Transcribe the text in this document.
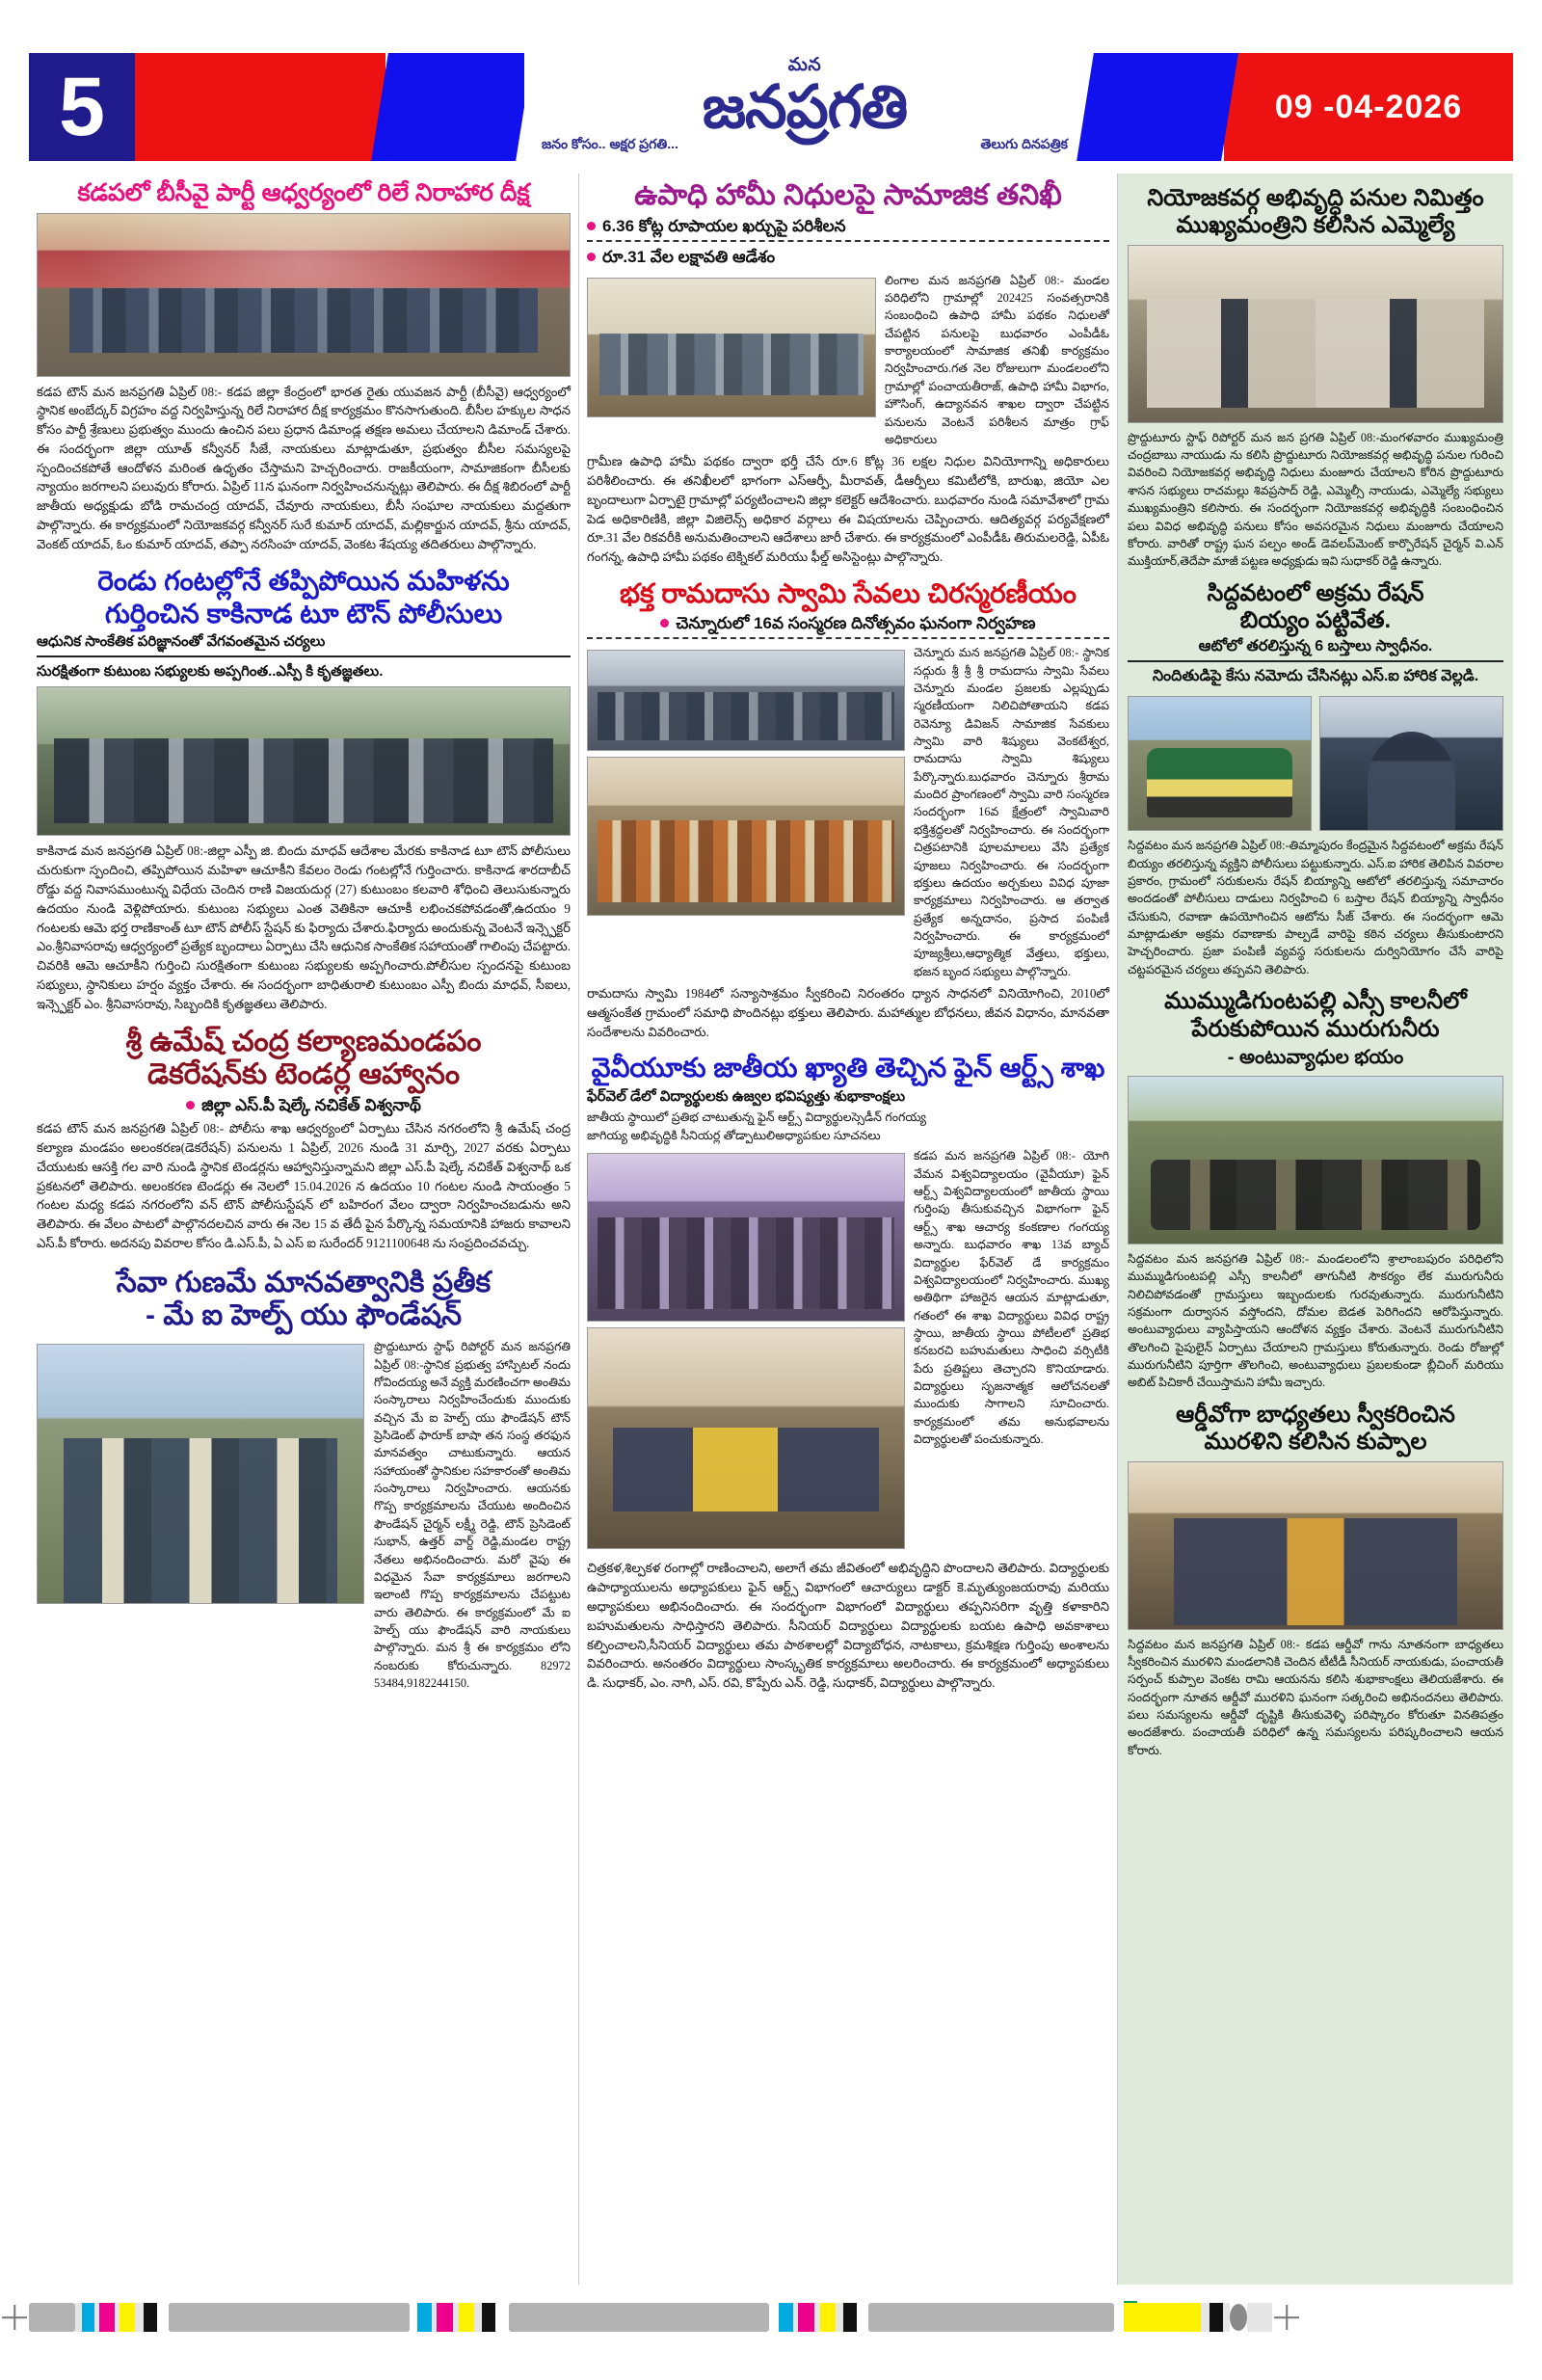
5	మన
జనప్రగతి
జనం కోసం.. అక్షర ప్రగతి...	తెలుగు దినపత్రిక
09 -04-2026
కడపలో బీసీవై పార్టీ ఆధ్వర్యంలో రిలే నిరాహార దీక్ష
కడప టౌన్ మన జనప్రగతి ఏప్రిల్ 08:- కడప జిల్లా కేంద్రంలో భారత రైతు యువజన పార్టీ (బీసీవై) ఆధ్వర్యంలో స్థానిక అంబేద్కర్ విగ్రహం వద్ద నిర్వహిస్తున్న రిలే నిరాహార దీక్ష కార్యక్రమం కొనసాగుతుంది. బీసీల హక్కుల సాధన కోసం పార్టీ శ్రేణులు ప్రభుత్వం ముందు ఉంచిన పలు ప్రధాన డిమాండ్ల తక్షణ అమలు చేయాలని డిమాండ్ చేశారు. ఈ సందర్భంగా జిల్లా యూత్ కన్వీనర్ సీజే, నాయకులు మాట్లాడుతూ, ప్రభుత్వం బీసీల సమస్యలపై స్పందించకపోతే ఆందోళన మరింత ఉధృతం చేస్తామని హెచ్చరించారు. రాజకీయంగా, సామాజికంగా బీసీలకు న్యాయం జరగాలని పలువురు కోరారు. ఏప్రిల్ 11న ఘనంగా నిర్వహించనున్నట్లు తెలిపారు. ఈ దీక్ష శిబిరంలో పార్టీ జాతీయ అధ్యక్షుడు బోడి రామచంద్ర యాదవ్, చేవూరు నాయకులు, బీసీ సంఘాల నాయకులు మద్దతుగా పాల్గొన్నారు. ఈ కార్యక్రమంలో నియోజకవర్గ కన్వీనర్ సురే కుమార్ యాదవ్, మల్లికార్జున యాదవ్, శ్రీను యాదవ్, వెంకట్ యాదవ్, ఓం కుమార్ యాదవ్, తప్పా నరసింహ యాదవ్, వెంకట శేషయ్య తదితరులు పాల్గొన్నారు.
రెండు గంటల్లోనే తప్పిపోయిన మహిళను
గుర్తించిన కాకినాడ టూ టౌన్ పోలీసులు
ఆధునిక సాంకేతిక పరిజ్ఞానంతో వేగవంతమైన చర్యలు
సురక్షితంగా కుటుంబ సభ్యులకు అప్పగింత..ఎస్పీ కి కృతజ్ఞతలు.
కాకినాడ మన జనప్రగతి ఏప్రిల్ 08:-జిల్లా ఎస్పీ జి. బిందు మాధవ్ ఆదేశాల మేరకు కాకినాడ టూ టౌన్ పోలీసులు చురుకుగా స్పందించి, తప్పిపోయిన మహిళా ఆచూకీని కేవలం రెండు గంటల్లోనే గుర్తించారు. కాకినాడ శారదాబీచ్ రోడ్డు వద్ద నివాసముంటున్న విధేయ చెందిన రాణి విజయదుర్గ (27) కుటుంబం కలవారి శోధించి తెలుసుకున్నారు ఉదయం నుండి వెళ్లిపోయారు. కుటుంబ సభ్యులు ఎంత వెతికినా ఆచూకీ లభించకపోవడంతో,ఉదయం 9 గంటలకు ఆమె భర్త రాణికాంత్ టూ టౌన్ పోలీస్ స్టేషన్ కు ఫిర్యాదు చేశారు.ఫిర్యాదు అందుకున్న వెంటనే ఇన్స్పెక్టర్ ఎం.శ్రీనివాసరావు ఆధ్వర్యంలో ప్రత్యేక బృందాలు ఏర్పాటు చేసి ఆధునిక సాంకేతిక సహాయంతో గాలింపు చేపట్టారు. చివరికి ఆమె ఆచూకీని గుర్తించి సురక్షితంగా కుటుంబ సభ్యులకు అప్పగించారు.పోలీసుల స్పందనపై కుటుంబ సభ్యులు, స్థానికులు హర్షం వ్యక్తం చేశారు. ఈ సందర్భంగా బాధితురాలి కుటుంబం ఎస్పీ బిందు మాధవ్, సీఐలు, ఇన్స్పెక్టర్ ఎం. శ్రీనివాసరావు, సిబ్బందికి కృతజ్ఞతలు తెలిపారు.
శ్రీ ఉమేష్ చంద్ర కల్యాణమండపం
డెకరేషన్‌కు టెండర్ల ఆహ్వానం
జిల్లా ఎస్.పీ షెల్కే నచికేత్ విశ్వనాథ్
కడప టౌన్ మన జనప్రగతి ఏప్రిల్ 08:- పోలీసు శాఖ ఆధ్వర్యంలో ఏర్పాటు చేసిన నగరంలోని శ్రీ ఉమేష్ చంద్ర కల్యాణ మండపం అలంకరణ(డెకరేషన్) పనులను 1 ఏప్రిల్, 2026 నుండి 31 మార్చి, 2027 వరకు ఏర్పాటు చేయుటకు ఆసక్తి గల వారి నుండి స్థానిక టెండర్లను ఆహ్వానిస్తున్నామని జిల్లా ఎస్.పీ షెల్కే నచికేత్ విశ్వనాథ్ ఒక ప్రకటనలో తెలిపారు. అలంకరణ టెండర్లు ఈ నెలలో 15.04.2026 న ఉదయం 10 గంటల నుండి సాయంత్రం 5 గంటల మధ్య కడప నగరంలోని వన్ టౌన్ పోలీసుస్టేషన్ లో బహిరంగ వేలం ద్వారా నిర్వహించబడును అని తెలిపారు. ఈ వేలం పాటలో పాల్గొనదలచిన వారు ఈ నెల 15 వ తేదీ పైన పేర్కొన్న సమయానికి హాజరు కావాలని ఎస్.పీ కోరారు. అదనపు వివరాల కోసం డి.ఎస్.పీ, ఏ ఎస్ ఐ సురేందర్ 9121100648 ను సంప్రదించవచ్చు.
సేవా గుణమే మానవత్వానికి ప్రతీక
- మే ఐ హెల్ప్ యు ఫౌండేషన్
ప్రొద్దుటూరు స్టాఫ్ రిపోర్టర్ మన జనప్రగతి ఏప్రిల్ 08:-స్థానిక ప్రభుత్వ హాస్పిటల్ నందు గోవిందయ్య అనే వ్యక్తి మరణించగా అంతిమ సంస్కారాలు నిర్వహించేందుకు ముందుకు వచ్చిన మే ఐ హెల్ప్ యు ఫౌండేషన్ టౌన్ ప్రెసిడెంట్ ఫారూక్ బాషా తన సంస్థ తరఫున మానవత్వం చాటుకున్నారు. ఆయన సహాయంతో స్థానికుల సహకారంతో అంతిమ సంస్కారాలు నిర్వహించారు. ఆయనకు గొప్ప కార్యక్రమాలను చేయుట అందించిన ఫౌండేషన్ చైర్మన్ లక్ష్మీ రెడ్డి, టౌన్ ప్రెసిడెంట్ సుభాన్, ఉత్తర్ వార్డ్ రెడ్డి,మండల రాష్ట్ర నేతలు అభినందించారు. మరో వైపు ఈ విధమైన సేవా కార్యక్రమాలు జరగాలని ఇలాంటి గొప్ప కార్యక్రమాలను చేపట్టుట వారు తెలిపారు. ఈ కార్యక్రమంలో మే ఐ హెల్ప్ యు ఫౌండేషన్ వారి నాయకులు పాల్గొన్నారు. మన శ్రీ ఈ కార్యక్రమం లోని నంబరుకు కోరుచున్నారు. 82972 53484,9182244150.
ఉపాధి హామీ నిధులపై సామాజిక తనిఖీ
6.36 కోట్ల రూపాయల ఖర్చుపై పరిశీలన
రూ.31 వేల లక్షావతి ఆడేశం
లింగాల మన జనప్రగతి ఏప్రిల్ 08:- మండల పరిధిలోని గ్రామాల్లో 202425 సంవత్సరానికి సంబంధించి ఉపాధి హామీ పథకం నిధులతో చేపట్టిన పనులపై బుధవారం ఎంపీడీఓ కార్యాలయంలో సామాజిక తనిఖీ కార్యక్రమం నిర్వహించారు.గత నెల రోజులుగా మండలంలోని గ్రామాల్లో పంచాయతీరాజ్, ఉపాధి హామీ విభాగం, హౌసింగ్, ఉద్యానవన శాఖల ద్వారా చేపట్టిన పనులను వెంటనే పరిశీలన మాత్రం గ్రాఫ్ అధికారులు
గ్రామీణ ఉపాధి హామీ పథకం ద్వారా భర్తీ చేసే రూ.6 కోట్ల 36 లక్షల నిధుల వినియోగాన్ని అధికారులు పరిశీలించారు. ఈ తనిఖీలలో భాగంగా ఎస్ఆర్పీ, మీరావత్, డీఆర్పీలు కమిటీలోకి, బారుఖ, జియో ఎల బృందాలుగా ఏర్పాటై గ్రామాల్లో పర్యటించాలని జిల్లా కలెక్టర్ ఆదేశించారు. బుధవారం నుండి సమావేశాలో గ్రామ పెడ అధికారిణికి, జిల్లా విజిలెన్స్ అధికార వర్గాలు ఈ విషయాలను చెప్పించారు. ఆదిత్యవర్గ పర్యవేక్షణలో రూ.31 వేల రికవరీకి అనుమతించాలని ఆదేశాలు జారీ చేశారు. ఈ కార్యక్రమంలో ఎంపీడీఓ తిరుమలరెడ్డి, ఏపీఓ గంగన్న, ఉపాధి హామీ పథకం టెక్నికల్ మరియు ఫీల్డ్ అసిస్టెంట్లు పాల్గొన్నారు.
భక్త రామదాసు స్వామి సేవలు చిరస్మరణీయం
చెన్నూరులో 16వ సంస్మరణ దినోత్సవం ఘనంగా నిర్వహణ
చెన్నూరు మన జనప్రగతి ఏప్రిల్ 08:- స్థానిక సద్గురు శ్రీ శ్రీ శ్రీ రామదాసు స్వామి సేవలు చెన్నూరు మండల ప్రజలకు ఎల్లప్పుడు స్మరణీయంగా నిలిచిపోతాయని కడప రెవెన్యూ డివిజన్ సామాజిక సేవకులు స్వామి వారి శిష్యులు వెంకటేశ్వర, రామదాసు స్వామి శిష్యులు పేర్కొన్నారు.బుధవారం చెన్నూరు శ్రీరామ మందిర ప్రాంగణంలో స్వామి వారి సంస్మరణ సందర్భంగా 16వ క్షేత్రంలో స్వామివారి భక్తిశ్రద్ధలతో నిర్వహించారు. ఈ సందర్భంగా చిత్రపటానికి పూలమాలలు వేసి ప్రత్యేక పూజలు నిర్వహించారు. ఈ సందర్భంగా భక్తులు ఉదయం అర్చకులు వివిధ పూజా కార్యక్రమాలు నిర్వహించారు. ఆ తర్వాత ప్రత్యేక అన్నదానం, ప్రసాద పంపిణీ నిర్వహించారు. ఈ కార్యక్రమంలో పూజ్యశ్రీలు,ఆధ్యాత్మిక వేత్తలు, భక్తులు, భజన బృంద సభ్యులు పాల్గొన్నారు.
రామదాసు స్వామి 1984లో సన్యాసాశ్రమం స్వీకరించి నిరంతరం ధ్యాన సాధనలో వినియోగించి, 2010లో ఆత్మసంకేత గ్రామంలో సమాధి పొందినట్లు భక్తులు తెలిపారు. మహాత్ముల బోధనలు, జీవన విధానం, మానవతా సందేశాలను వివరించారు.
వైవీయూకు జాతీయ ఖ్యాతి తెచ్చిన ఫైన్ ఆర్ట్స్ శాఖ
ఫేర్‌వెల్ డేలో విద్యార్థులకు ఉజ్వల భవిష్యత్తు శుభాకాంక్షలు
జాతీయ స్థాయిలో ప్రతిభ చాటుతున్న ఫైన్ ఆర్ట్స్ విద్యార్థులస్సెడీన్ గంగయ్య
జాగియ్య అభివృద్ధికి సీనియర్ల తోడ్పాటులిఅధ్యాపకుల సూచనలు
కడప మన జనప్రగతి ఏప్రిల్ 08:- యోగి వేమన విశ్వవిద్యాలయం (వైవీయూ) ఫైన్ ఆర్ట్స్ విశ్వవిద్యాలయంలో జాతీయ స్థాయి గుర్తింపు తీసుకువచ్చిన విభాగంగా ఫైన్ ఆర్ట్స్ శాఖ ఆచార్య కంకణాల గంగయ్య అన్నారు. బుధవారం శాఖ 13వ బ్యాచ్ విద్యార్థుల ఫేర్‌వెల్ డే కార్యక్రమం విశ్వవిద్యాలయంలో నిర్వహించారు. ముఖ్య అతిథిగా హాజరైన ఆయన మాట్లాడుతూ, గతంలో ఈ శాఖ విద్యార్థులు వివిధ రాష్ట్ర స్థాయి, జాతీయ స్థాయి పోటీలలో ప్రతిభ కనబరచి బహుమతులు సాధించి వర్సిటీకి పేరు ప్రతిష్టలు తెచ్చారని కొనియాడారు. విద్యార్థులు సృజనాత్మక ఆలోచనలతో ముందుకు సాగాలని సూచించారు. కార్యక్రమంలో తమ అనుభవాలను విద్యార్థులతో పంచుకున్నారు.
చిత్రకళ,శిల్పకళ రంగాల్లో రాణించాలని, అలాగే తమ జీవితంలో అభివృద్ధిని పొందాలని తెలిపారు. విద్యార్థులకు ఉపాధ్యాయులను అధ్యాపకులు ఫైన్ ఆర్ట్స్ విభాగంలో ఆచార్యులు డాక్టర్ కె.మృత్యుంజయరావు మరియు అధ్యాపకులు అభినందించారు. ఈ సందర్భంగా విభాగంలో విద్యార్థులు తప్పనిసరిగా వృత్తి కళాకారిని బహుమతులను సాధిస్తారని తెలిపారు. సీనియర్ విద్యార్థులు విద్యార్థులకు బయట ఉపాధి అవకాశాలు కల్పించాలని,సీనియర్ విద్యార్థులు తమ పాఠశాలల్లో విద్యాబోధన, నాటకాలు, క్రమశిక్షణ గుర్తింపు అంశాలను వివరించారు. అనంతరం విద్యార్థులు సాంస్కృతిక కార్యక్రమాలు అలరించారు. ఈ కార్యక్రమంలో అధ్యాపకులు డి. సుధాకర్, ఎం. నాగి, ఎస్. రవి, కొప్పేరు ఎన్. రెడ్డి, సుధాకర్, విద్యార్థులు పాల్గొన్నారు.
నియోజకవర్గ అభివృద్ధి పనుల నిమిత్తం
ముఖ్యమంత్రిని కలిసిన ఎమ్మెల్యే
ప్రొద్దుటూరు స్టాఫ్ రిపోర్టర్ మన జన ప్రగతి ఏప్రిల్ 08:-మంగళవారం ముఖ్యమంత్రి చంద్రబాబు నాయుడు ను కలిసి ప్రొద్దుటూరు నియోజకవర్గ అభివృద్ధి పనుల గురించి వివరించి నియోజకవర్గ అభివృద్ధి నిధులు మంజూరు చేయాలని కోరిన ప్రొద్దుటూరు శాసన సభ్యులు రాచమల్లు శివప్రసాద్ రెడ్డి, ఎమ్మెల్సీ నాయుడు, ఎమ్మెల్యే సభ్యులు ముఖ్యమంత్రిని కలిసారు. ఈ సందర్భంగా నియోజకవర్గ అభివృద్ధికి సంబంధించిన పలు వివిధ అభివృద్ధి పనులు కోసం అవసరమైన నిధులు మంజూరు చేయాలని కోరారు. వారితో రాష్ట్ర ఘన పల్పం అండ్ డెవలప్‌మెంట్ కార్పొరేషన్ చైర్మన్ వి.ఎన్ ముక్తియార్,తెదేపా మాజీ పట్టణ అధ్యక్షుడు ఇవి సుధాకర్ రెడ్డి ఉన్నారు.
సిద్దవటంలో అక్రమ రేషన్
బియ్యం పట్టివేత.
ఆటోలో తరలిస్తున్న 6 బస్తాలు స్వాధీనం.
నిందితుడిపై కేసు నమోదు చేసినట్లు ఎస్.ఐ హారిక వెల్లడి.
సిద్దవటం మన జనప్రగతి ఏప్రిల్ 08:-తిమ్మాపురం కేంద్రమైన సిద్దవటంలో అక్రమ రేషన్ బియ్యం తరలిస్తున్న వ్యక్తిని పోలీసులు పట్టుకున్నారు. ఎస్.ఐ హారిక తెలిపిన వివరాల ప్రకారం, గ్రామంలో సరుకులను రేషన్ బియ్యాన్ని ఆటోలో తరలిస్తున్న సమాచారం అందడంతో పోలీసులు దాడులు నిర్వహించి 6 బస్తాల రేషన్ బియ్యాన్ని స్వాధీనం చేసుకుని, రవాణా ఉపయోగించిన ఆటోను సీజ్ చేశారు. ఈ సందర్భంగా ఆమె మాట్లాడుతూ అక్రమ రవాణాకు పాల్పడే వారిపై కఠిన చర్యలు తీసుకుంటారని హెచ్చరించారు. ప్రజా పంపిణీ వ్యవస్థ సరుకులను దుర్వినియోగం చేసే వారిపై చట్టపరమైన చర్యలు తప్పవని తెలిపారు.
ముమ్ముడిగుంటపల్లి ఎస్సీ కాలనీలో
పేరుకుపోయిన మురుగునీరు
- అంటువ్యాధుల భయం
సిద్దవటం మన జనప్రగతి ఏప్రిల్ 08:- మండలంలోని శ్రాలాంబపురం పరిధిలోని ముమ్ముడిగుంటపల్లి ఎస్సీ కాలనీలో తాగునీటి సౌకర్యం లేక మురుగునీరు నిలిచిపోవడంతో గ్రామస్తులు ఇబ్బందులకు గురవుతున్నారు. మురుగునీటిని సక్రమంగా దుర్వాసన వస్తోందని, దోమల బెడత పెరిగిందని ఆరోపిస్తున్నారు. అంటువ్యాధులు వ్యాపిస్తాయని ఆందోళన వ్యక్తం చేశారు. వెంటనే మురుగునీటిని తొలగించి పైపులైన్ ఏర్పాటు చేయాలని గ్రామస్తులు కోరుతున్నారు. రెండు రోజుల్లో మురుగునీటిని పూర్తిగా తొలగించి, అంటువ్యాధులు ప్రబలకుండా బ్లీచింగ్ మరియు అబిట్ పిచికారీ చేయిస్తామని హామీ ఇచ్చారు.
ఆర్డీవోగా బాధ్యతలు స్వీకరించిన
మురళిని కలిసిన కుప్పాల
సిద్దవటం మన జనప్రగతి ఏప్రిల్ 08:- కడప ఆర్డీవో గాను నూతనంగా బాధ్యతలు స్వీకరించిన మురళిని మండలానికి చెందిన టీటీడీ సీనియర్ నాయకుడు, పంచాయతీ సర్పంచ్ కుప్పాల వెంకట రామి ఆయనను కలిసి శుభాకాంక్షలు తెలియజేశారు. ఈ సందర్భంగా నూతన ఆర్డీవో మురళిని ఘనంగా సత్కరించి అభినందనలు తెలిపారు. పలు సమస్యలను ఆర్డీవో దృష్టికి తీసుకువెళ్ళి పరిష్కారం కోరుతూ వినతిపత్రం అందజేశారు. పంచాయతీ పరిధిలో ఉన్న సమస్యలను పరిష్కరించాలని ఆయన కోరారు.
